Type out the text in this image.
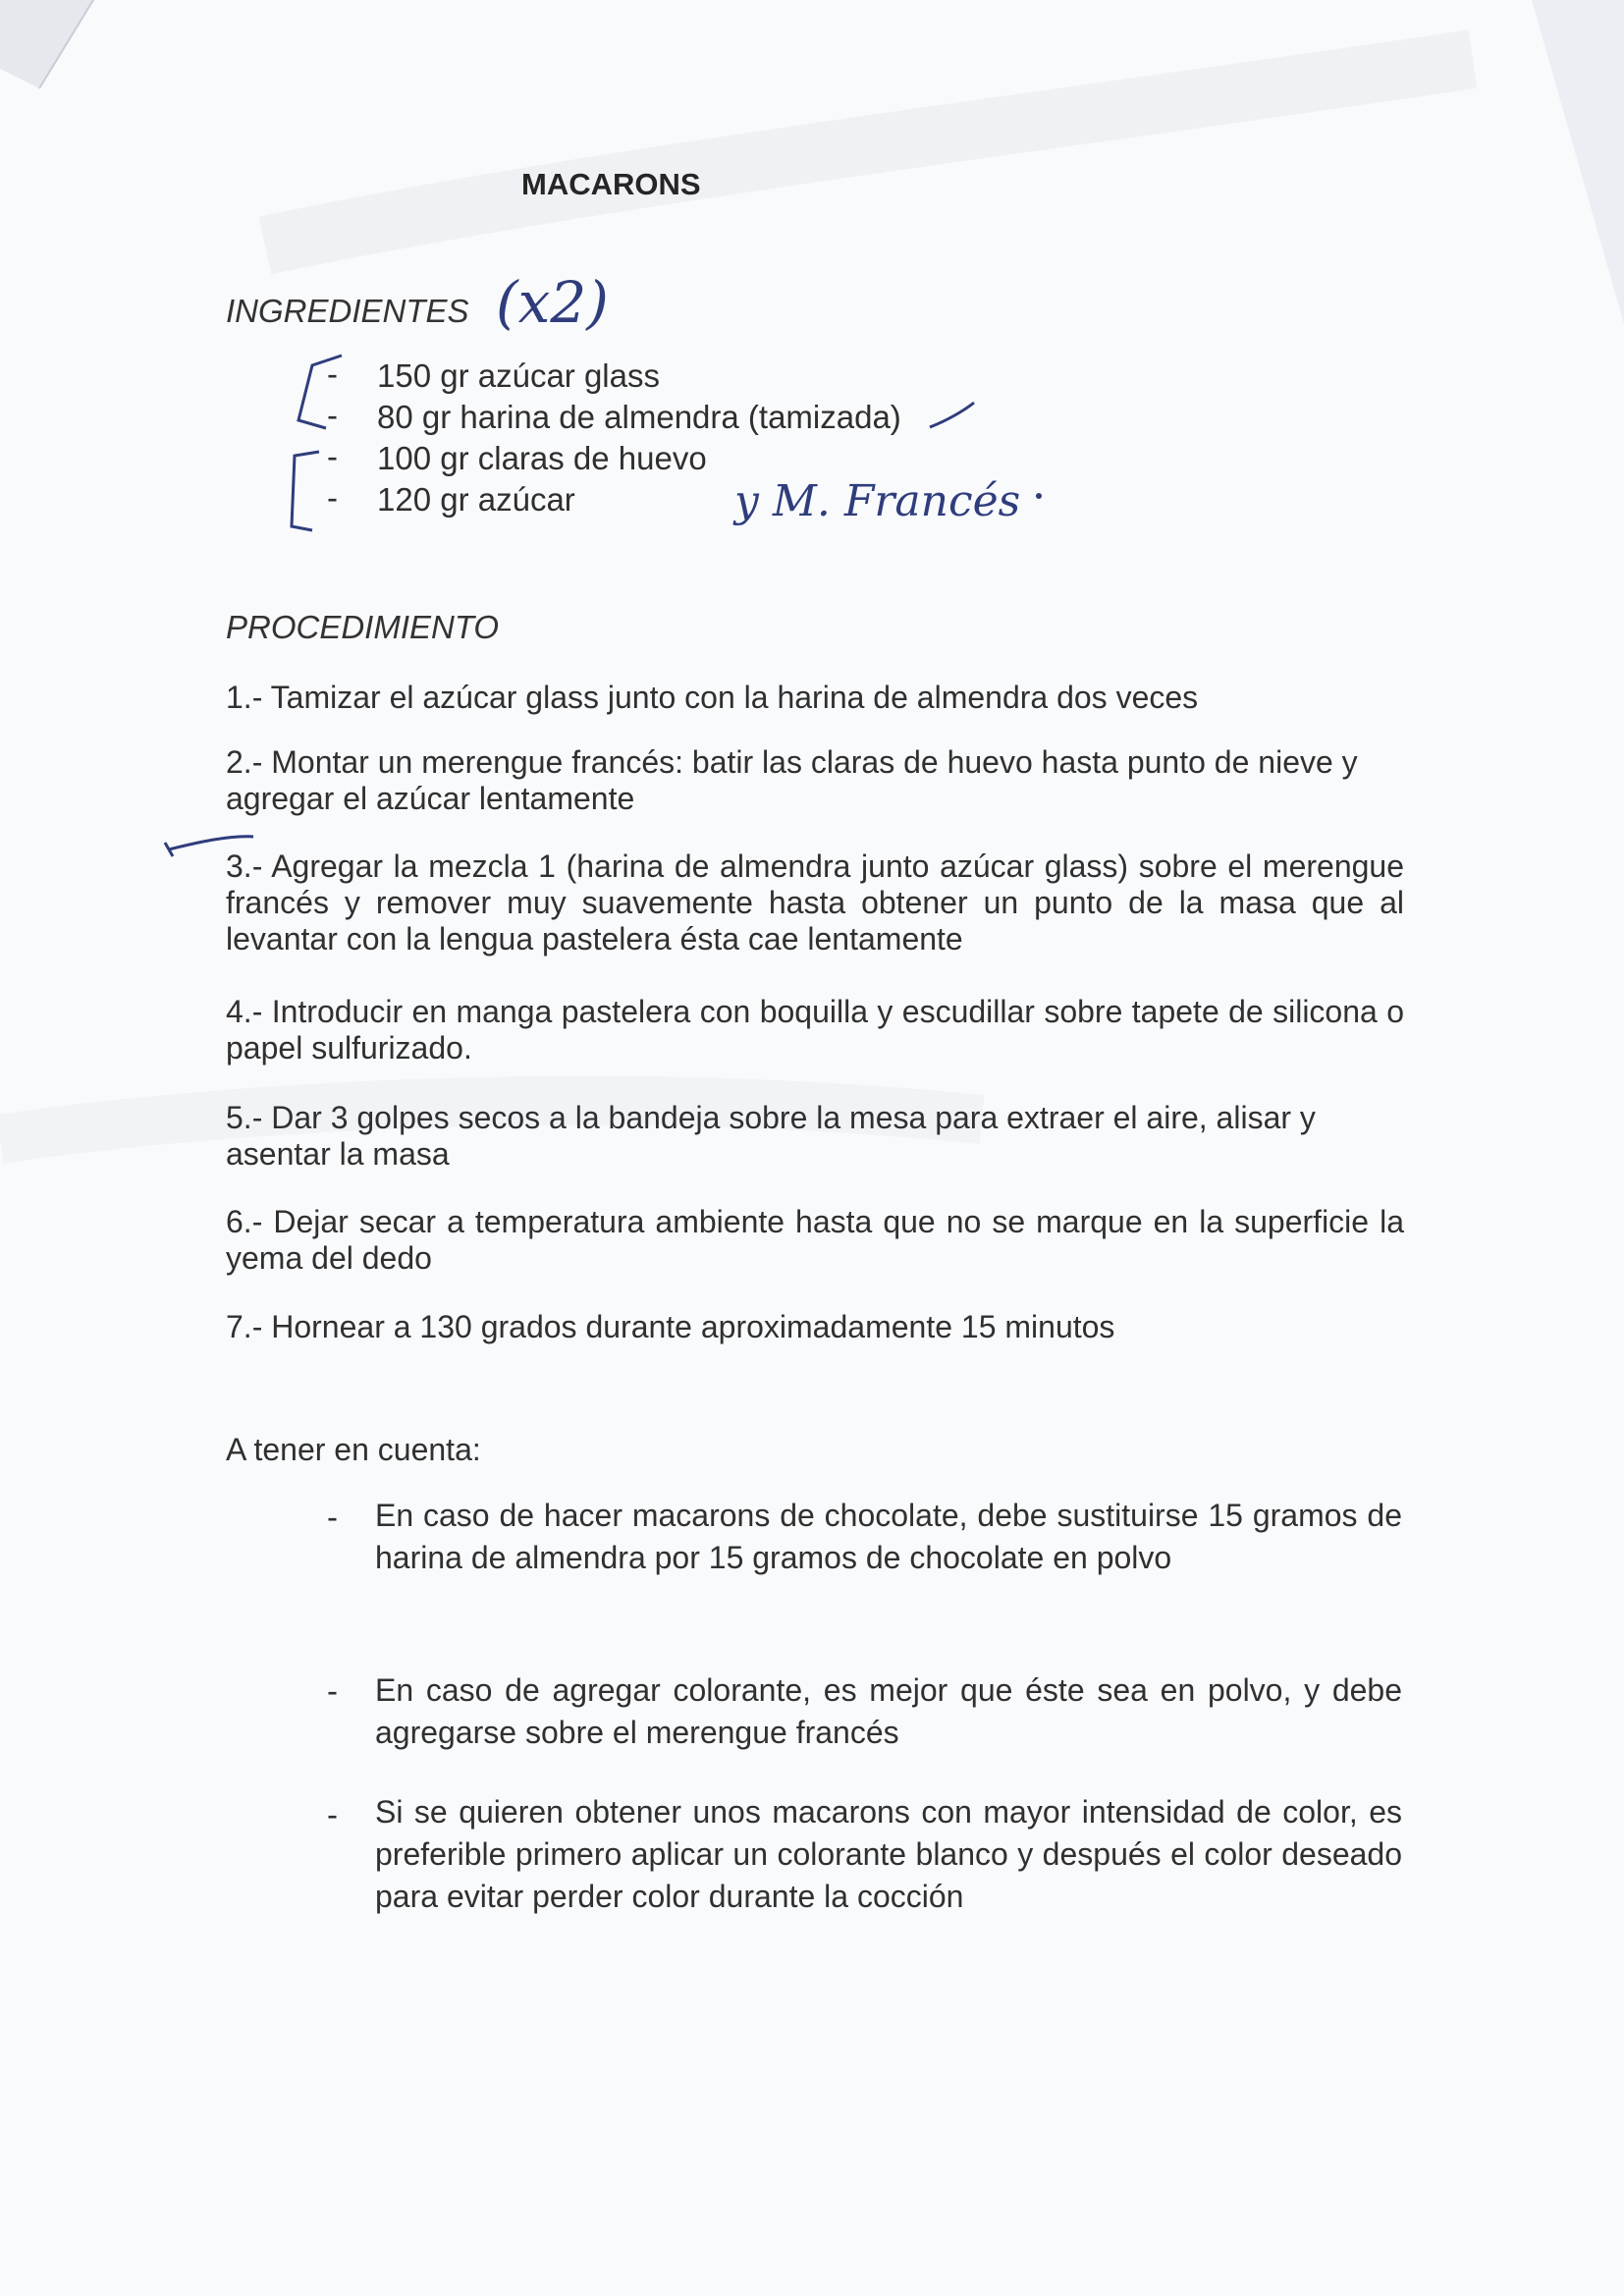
MACARONS
INGREDIENTES
- 150 gr azúcar glass
- 80 gr harina de almendra (tamizada)
- 100 gr claras de huevo
- 120 gr azúcar
PROCEDIMIENTO
1.- Tamizar el azúcar glass junto con la harina de almendra dos veces
2.- Montar un merengue francés: batir las claras de huevo hasta punto de nieve y agregar el azúcar lentamente
3.- Agregar la mezcla 1 (harina de almendra junto azúcar glass) sobre el merengue francés y remover muy suavemente hasta obtener un punto de la masa que al levantar con la lengua pastelera ésta cae lentamente
4.- Introducir en manga pastelera con boquilla y escudillar sobre tapete de silicona o papel sulfurizado.
5.- Dar 3 golpes secos a la bandeja sobre la mesa para extraer el aire, alisar y asentar la masa
6.- Dejar secar a temperatura ambiente hasta que no se marque en la superficie la yema del dedo
7.- Hornear a 130 grados durante aproximadamente 15 minutos
A tener en cuenta:
- En caso de hacer macarons de chocolate, debe sustituirse 15 gramos de harina de almendra por 15 gramos de chocolate en polvo
- En caso de agregar colorante, es mejor que éste sea en polvo, y debe agregarse sobre el merengue francés
- Si se quieren obtener unos macarons con mayor intensidad de color, es preferible primero aplicar un colorante blanco y después el color deseado para evitar perder color durante la cocción
(x2)
y M. Francés
